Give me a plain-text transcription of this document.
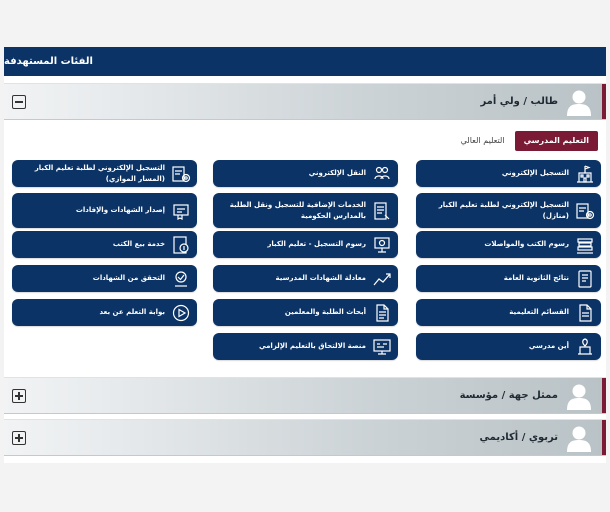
الفئات المستهدفة
طالب / ولي أمر
التعليم المدرسي
التعليم العالي
التسجيل الإلكتروني
التسجيل الإلكتروني لطلبة تعليم الكبار (منازل)
رسوم الكتب والمواصلات
نتائج الثانوية العامة
القسائم التعليمية
أين مدرسي
النقل الإلكتروني
الخدمات الإضافية للتسجيل ونقل الطلبة بالمدارس الحكومية
رسوم التسجيل - تعليم الكبار
معادلة الشهادات المدرسية
أبحاث الطلبة والمعلمين
منصة الالتحاق بالتعليم الإلزامي
التسجيل الإلكتروني لطلبة تعليم الكبار (المسار الموازي)
إصدار الشهادات والإفادات
خدمة بيع الكتب
التحقق من الشهادات
بوابة التعلم عن بعد
ممثل جهة / مؤسسة
تربوي / أكاديمي
